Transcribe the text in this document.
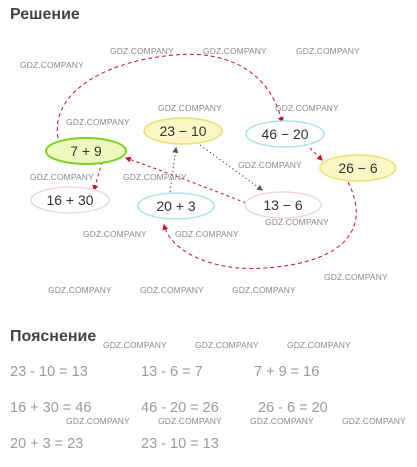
Решение
7 + 9
16 + 30
23 − 10
20 + 3
46 − 20
13 − 6
26 − 6
GDZ.COMPANY	GDZ.COMPANY	GDZ.COMPANY
GDZ.COMPANY
GDZ.COMPANY	GDZ.COMPANY
GDZ.COMPANY
GDZ.COMPANY
GDZ.COMPANY	GDZ.COMPANY
GDZ.COMPANY
GDZ.COMPANY	GDZ.COMPANY
GDZ.COMPANY
GDZ.COMPANY	GDZ.COMPANY	GDZ.COMPANY
Пояснение GDZ.COMPANY	GDZ.COMPANY	GDZ.COMPANY
23 - 10 = 13	13 - 6 = 7	7 + 9 = 16
16 + 30 = 46	46 - 20 = 26	26 - 6 = 20
20 + 3 = 23	23 - 10 = 13
GDZ.COMPANY	GDZ.COMPANY	GDZ.COMPANY	GDZ.COMPANY
